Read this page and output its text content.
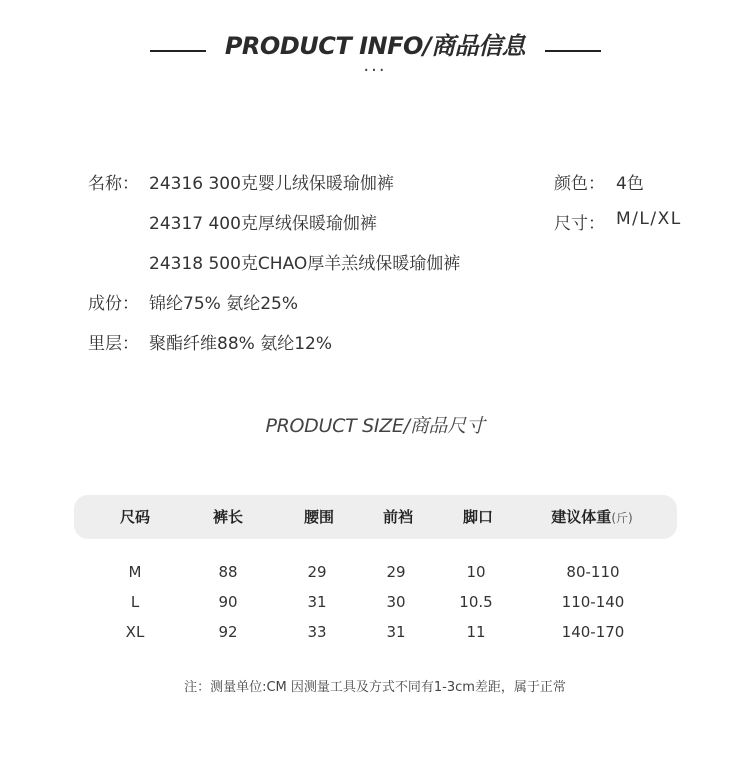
PRODUCT INFO/商品信息
···
名称： 24316 300克婴儿绒保暖瑜伽裤
24317 400克厚绒保暖瑜伽裤
24318 500克CHAO厚羊羔绒保暖瑜伽裤
成份： 锦纶75% 氨纶25%
里层： 聚酯纤维88% 氨纶12%
颜色： 4色
尺寸： M/L/XL
PRODUCT SIZE/商品尺寸
尺码	裤长	腰围	前裆	脚口	建议体重(斤)
M	88	29	29	10	80-110
L	90	31	30	10.5	110-140
XL	92	33	31	11	140-170
注：测量单位:CM 因测量工具及方式不同有1-3cm差距，属于正常
